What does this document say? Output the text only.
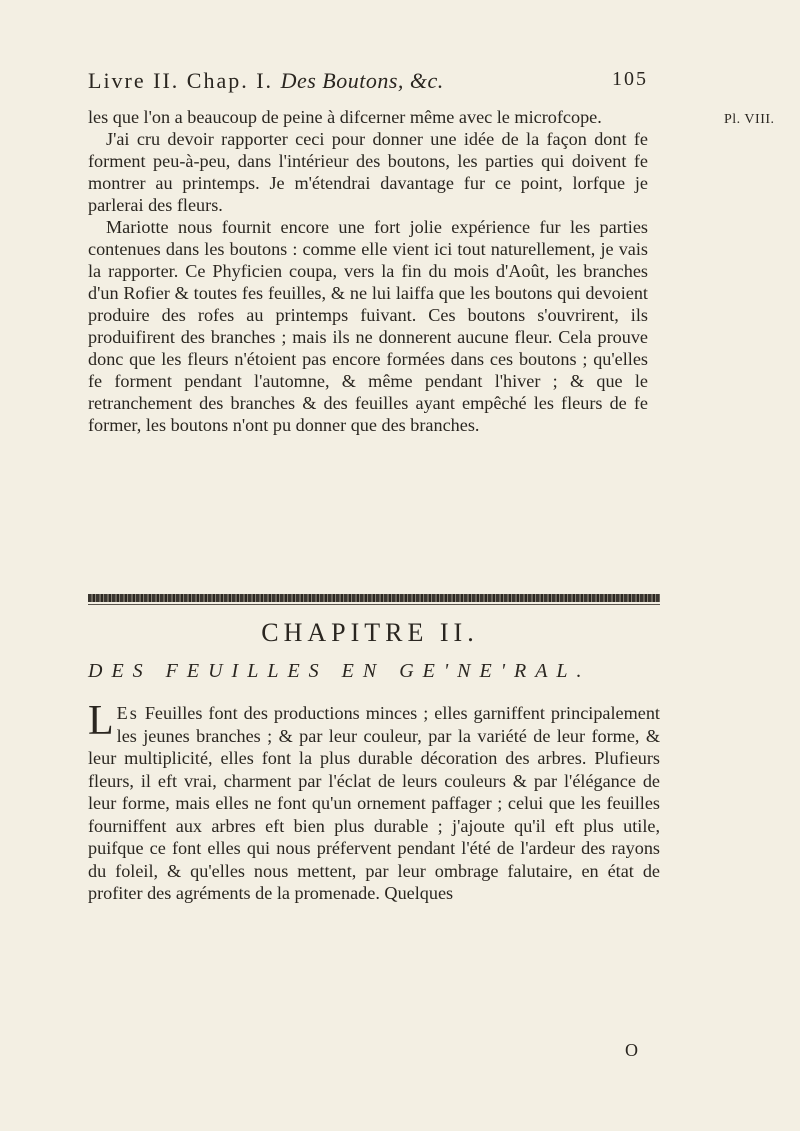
Livre II. Chap. I. Des Boutons, &c.	105
Pl. VIII.

les que l'on a beaucoup de peine à difcerner même avec le microfcope.

J'ai cru devoir rapporter ceci pour donner une idée de la façon dont fe forment peu-à-peu, dans l'intérieur des boutons, les parties qui doivent fe montrer au printemps. Je m'étendrai davantage fur ce point, lorfque je parlerai des fleurs.

Mariotte nous fournit encore une fort jolie expérience fur les parties contenues dans les boutons : comme elle vient ici tout naturellement, je vais la rapporter. Ce Phyficien coupa, vers la fin du mois d'Août, les branches d'un Rofier & toutes fes feuilles, & ne lui laiffa que les boutons qui devoient produire des rofes au printemps fuivant. Ces boutons s'ouvrirent, ils produifirent des branches ; mais ils ne donnerent aucune fleur. Cela prouve donc que les fleurs n'étoient pas encore formées dans ces boutons ; qu'elles fe forment pendant l'automne, & même pendant l'hiver ; & que le retranchement des branches & des feuilles ayant empêché les fleurs de fe former, les boutons n'ont pu donner que des branches.

CHAPITRE II.
DES FEUILLES EN GE'NE'RAL.

L Es Feuilles font des productions minces ; elles garniffent principalement les jeunes branches ; & par leur couleur, par la variété de leur forme, & leur multiplicité, elles font la plus durable décoration des arbres. Plufieurs fleurs, il eft vrai, charment par l'éclat de leurs couleurs & par l'élégance de leur forme, mais elles ne font qu'un ornement paffager ; celui que les feuilles fourniffent aux arbres eft bien plus durable ; j'ajoute qu'il eft plus utile, puifque ce font elles qui nous préfervent pendant l'été de l'ardeur des rayons du foleil, & qu'elles nous mettent, par leur ombrage falutaire, en état de profiter des agréments de la promenade. Quelques

O
